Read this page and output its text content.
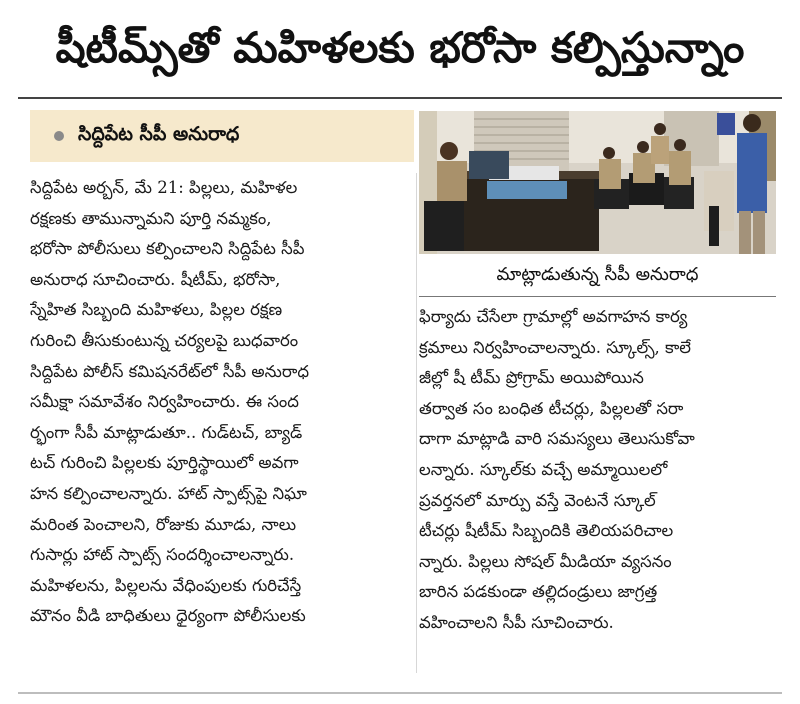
షీటీమ్స్‌తో మహిళలకు భరోసా కల్పిస్తున్నాం
సిద్దిపేట సీపీ అనురాధ
సిద్దిపేట అర్బన్, మే 21: పిల్లలు, మహిళల
రక్షణకు తామున్నామని పూర్తి నమ్మకం,
భరోసా పోలీసులు కల్పించాలని సిద్దిపేట సీపీ
అనురాధ సూచించారు. షీటీమ్, భరోసా,
స్నేహిత సిబ్బంది మహిళలు, పిల్లల రక్షణ
గురించి తీసుకుంటున్న చర్యలపై బుధవారం
సిద్దిపేట పోలీస్ కమిషనరేట్‌లో సీపీ అనురాధ
సమీక్షా సమావేశం నిర్వహించారు. ఈ సంద
ర్భంగా సీపీ మాట్లాడుతూ.. గుడ్‌టచ్, బ్యాడ్
టచ్ గురించి పిల్లలకు పూర్తిస్థాయిలో అవగా
హన కల్పించాలన్నారు. హాట్ స్పాట్స్‌పై నిఘా
మరింత పెంచాలని, రోజుకు మూడు, నాలు
గుసార్లు హాట్ స్పాట్స్ సందర్శించాలన్నారు.
మహిళలను, పిల్లలను వేధింపులకు గురిచేస్తే
మౌనం వీడి బాధితులు ధైర్యంగా పోలీసులకు
మాట్లాడుతున్న సీపీ అనురాధ
ఫిర్యాదు చేసేలా గ్రామాల్లో అవగాహన కార్య
క్రమాలు నిర్వహించాలన్నారు. స్కూల్స్, కాలే
జీల్లో షీ టీమ్ ప్రోగ్రామ్ అయిపోయిన
తర్వాత సం బంధిత టీచర్లు, పిల్లలతో సరా
దాగా మాట్లాడి వారి సమస్యలు తెలుసుకోవా
లన్నారు. స్కూల్‌కు వచ్చే అమ్మాయిలలో
ప్రవర్తనలో మార్పు వస్తే వెంటనే స్కూల్
టీచర్లు షీటీమ్ సిబ్బందికి తెలియపరిచాల
న్నారు. పిల్లలు సోషల్ మీడియా వ్యసనం
బారిన పడకుండా తల్లిదండ్రులు జాగ్రత్త
వహించాలని సీపీ సూచించారు.
